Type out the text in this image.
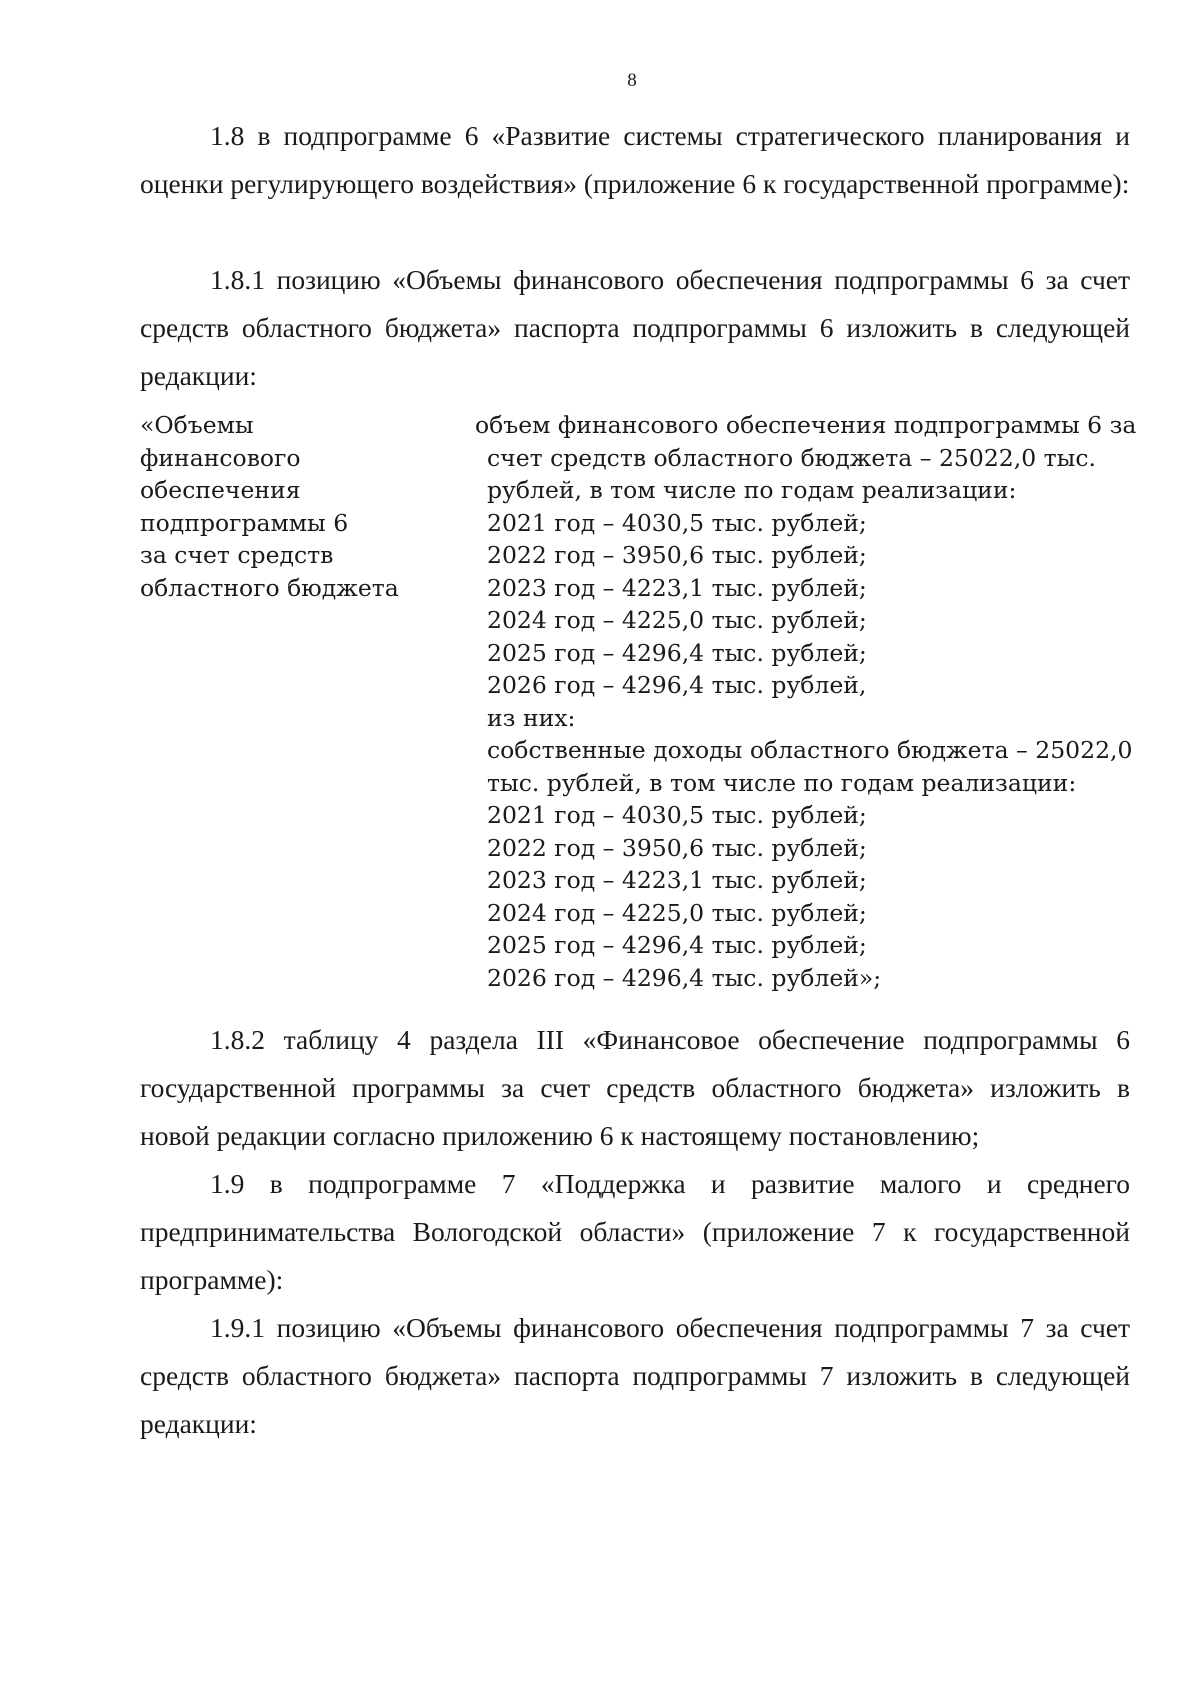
8

1.8 в подпрограмме 6 «Развитие системы стратегического планирования и оценки регулирующего воздействия» (приложение 6 к государственной программе):

1.8.1 позицию «Объемы финансового обеспечения подпрограммы 6 за счет средств областного бюджета» паспорта подпрограммы 6 изложить в следующей редакции:

«Объемы
финансового
обеспечения
подпрограммы 6
за счет средств
областного бюджета
объем финансового обеспечения подпрограммы 6 за
счет средств областного бюджета – 25022,0 тыс.
рублей, в том числе по годам реализации:
2021 год – 4030,5 тыс. рублей;
2022 год – 3950,6 тыс. рублей;
2023 год – 4223,1 тыс. рублей;
2024 год – 4225,0 тыс. рублей;
2025 год – 4296,4 тыс. рублей;
2026 год – 4296,4 тыс. рублей,
из них:
собственные доходы областного бюджета – 25022,0
тыс. рублей, в том числе по годам реализации:
2021 год – 4030,5 тыс. рублей;
2022 год – 3950,6 тыс. рублей;
2023 год – 4223,1 тыс. рублей;
2024 год – 4225,0 тыс. рублей;
2025 год – 4296,4 тыс. рублей;
2026 год – 4296,4 тыс. рублей»;

1.8.2 таблицу 4 раздела III «Финансовое обеспечение подпрограммы 6 государственной программы за счет средств областного бюджета» изложить в новой редакции согласно приложению 6 к настоящему постановлению;

1.9 в подпрограмме 7 «Поддержка и развитие малого и среднего предпринимательства Вологодской области» (приложение 7 к государственной программе):

1.9.1 позицию «Объемы финансового обеспечения подпрограммы 7 за счет средств областного бюджета» паспорта подпрограммы 7 изложить в следующей редакции:
